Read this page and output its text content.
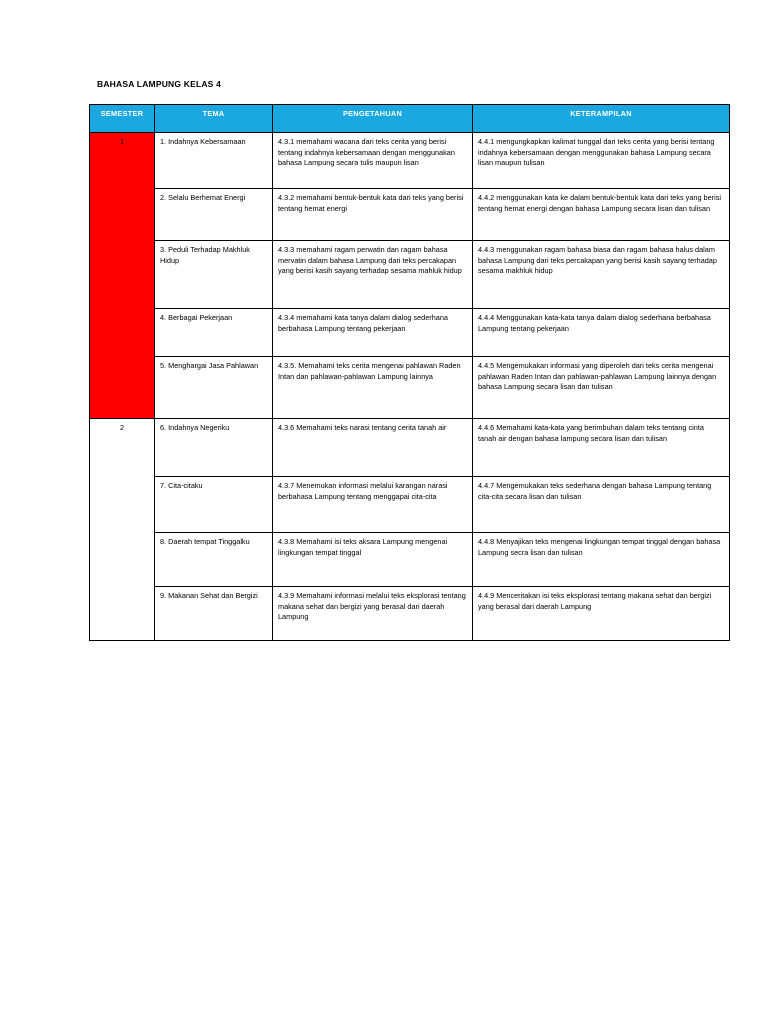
BAHASA LAMPUNG KELAS 4
SEMESTER	TEMA	PENGETAHUAN	KETERAMPILAN
1	1. Indahnya Kebersamaan	4.3.1 memahami wacana dari teks cerita yang berisi tentang indahnya kebersamaan dengan menggunakan bahasa Lampung secara tulis maupun lisan	4.4.1 mengungkapkan kalimat tunggal dari teks cerita yang berisi tentang indahnya kebersamaan dengan menggunakan bahasa Lampung secara lisan maupun tulisan
	2. Selalu Berhemat Energi	4.3.2 memahami bentuk-bentuk kata dari teks yang berisi tentang hemat energi	4.4.2 menggunakan kata ke dalam bentuk-bentuk kata dari teks yang berisi tentang hemat energi dengan bahasa Lampung secara lisan dan tulisan
	3. Peduli Terhadap Makhluk Hidup	4.3.3 memahami ragam perwatin dan ragam bahasa mervatin dalam bahasa Lampung dari teks percakapan yang berisi kasih sayang terhadap sesama mahluk hidup	4.4.3 menggunakan ragam bahasa biasa dan ragam bahasa halus dalam bahasa Lampung dari teks percakapan yang berisi kasih sayang terhadap sesama makhluk hidup
	4. Berbagai Pekerjaan	4.3.4 memahami kata tanya dalam dialog sederhana berbahasa Lampung tentang pekerjaan	4.4.4 Menggunakan kata-kata tanya dalam dialog sederhana berbahasa Lampung tentang pekerjaan
	5. Menghargai Jasa Pahlawan	4.3.5. Memahami teks cerita mengenai pahlawan Raden Intan dan pahlawan-pahlawan Lampung lainnya	4.4.5 Mengemukakan informasi yang diperoleh dari teks cerita mengenai pahlawan Raden Intan dan pahlawan-pahlawan Lampung lainnya dengan bahasa Lampung secara lisan dan tulisan
2	6. Indahnya Negeriku	4.3.6 Memahami teks narasi tentang cerita tanah air	4.4.6 Memahami kata-kata yang berimbuhan dalam teks tentang cinta tanah air dengan bahasa lampung secara lisan dan tulisan
	7. Cita-citaku	4.3.7 Menemukan informasi melalui karangan narasi berbahasa Lampung tentang menggapai cita-cita	4.4.7 Mengemukakan teks sederhana dengan bahasa Lampung tentang cita-cita secara lisan dan tulisan
	8. Daerah tempat Tinggalku	4.3.8 Memahami isi teks aksara Lampung mengenai lingkungan tempat tinggal	4.4.8 Menyajikan teks mengenai lingkungan tempat tinggal dengan bahasa Lampung secra lisan dan tulisan
	9. Makanan Sehat dan Bergizi	4.3.9 Memahami informasi melalui teks eksplorasi tentang makana sehat dan bergizi yang berasal dari daerah Lampung	4.4.9 Menceritakan isi teks eksplorasi tentang makana sehat dan bergizi yang berasal dari daerah Lampung
